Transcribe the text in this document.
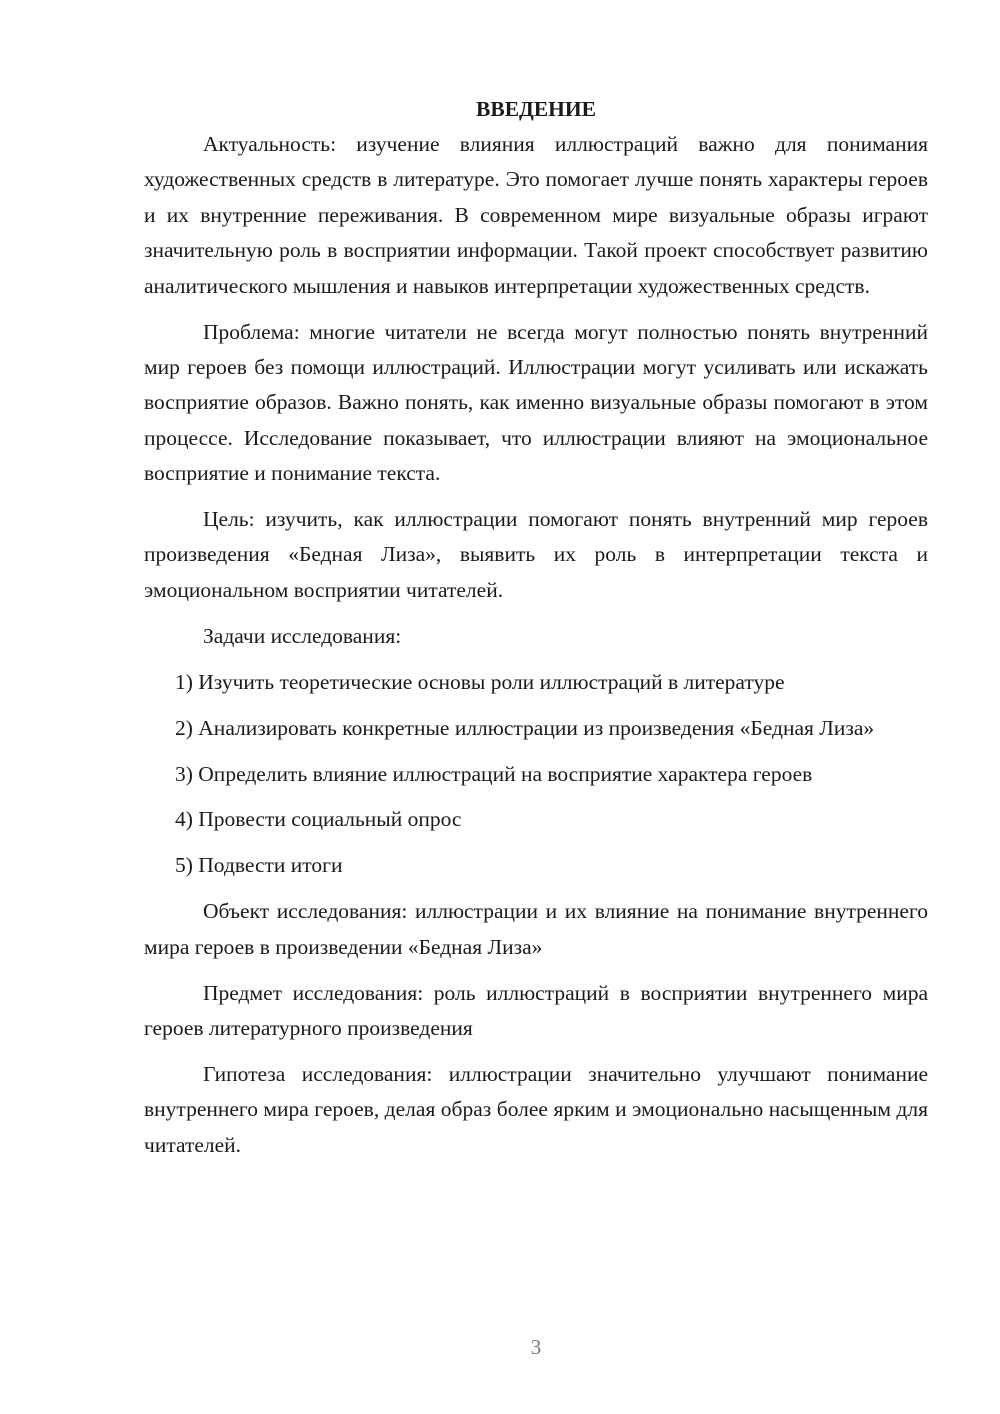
ВВЕДЕНИЕ

Актуальность: изучение влияния иллюстраций важно для понимания художественных средств в литературе. Это помогает лучше понять характеры героев и их внутренние переживания. В современном мире визуальные образы играют значительную роль в восприятии информации. Такой проект способствует развитию аналитического мышления и навыков интерпретации художественных средств.

Проблема: многие читатели не всегда могут полностью понять внутренний мир героев без помощи иллюстраций. Иллюстрации могут усиливать или искажать восприятие образов. Важно понять, как именно визуальные образы помогают в этом процессе. Исследование показывает, что иллюстрации влияют на эмоциональное восприятие и понимание текста.

Цель: изучить, как иллюстрации помогают понять внутренний мир героев произведения «Бедная Лиза», выявить их роль в интерпретации текста и эмоциональном восприятии читателей.

Задачи исследования:

1) Изучить теоретические основы роли иллюстраций в литературе

2) Анализировать конкретные иллюстрации из произведения «Бедная Лиза»

3) Определить влияние иллюстраций на восприятие характера героев

4) Провести социальный опрос

5) Подвести итоги

Объект исследования: иллюстрации и их влияние на понимание внутреннего мира героев в произведении «Бедная Лиза»

Предмет исследования: роль иллюстраций в восприятии внутреннего мира героев литературного произведения

Гипотеза исследования: иллюстрации значительно улучшают понимание внутреннего мира героев, делая образ более ярким и эмоционально насыщенным для читателей.

3
